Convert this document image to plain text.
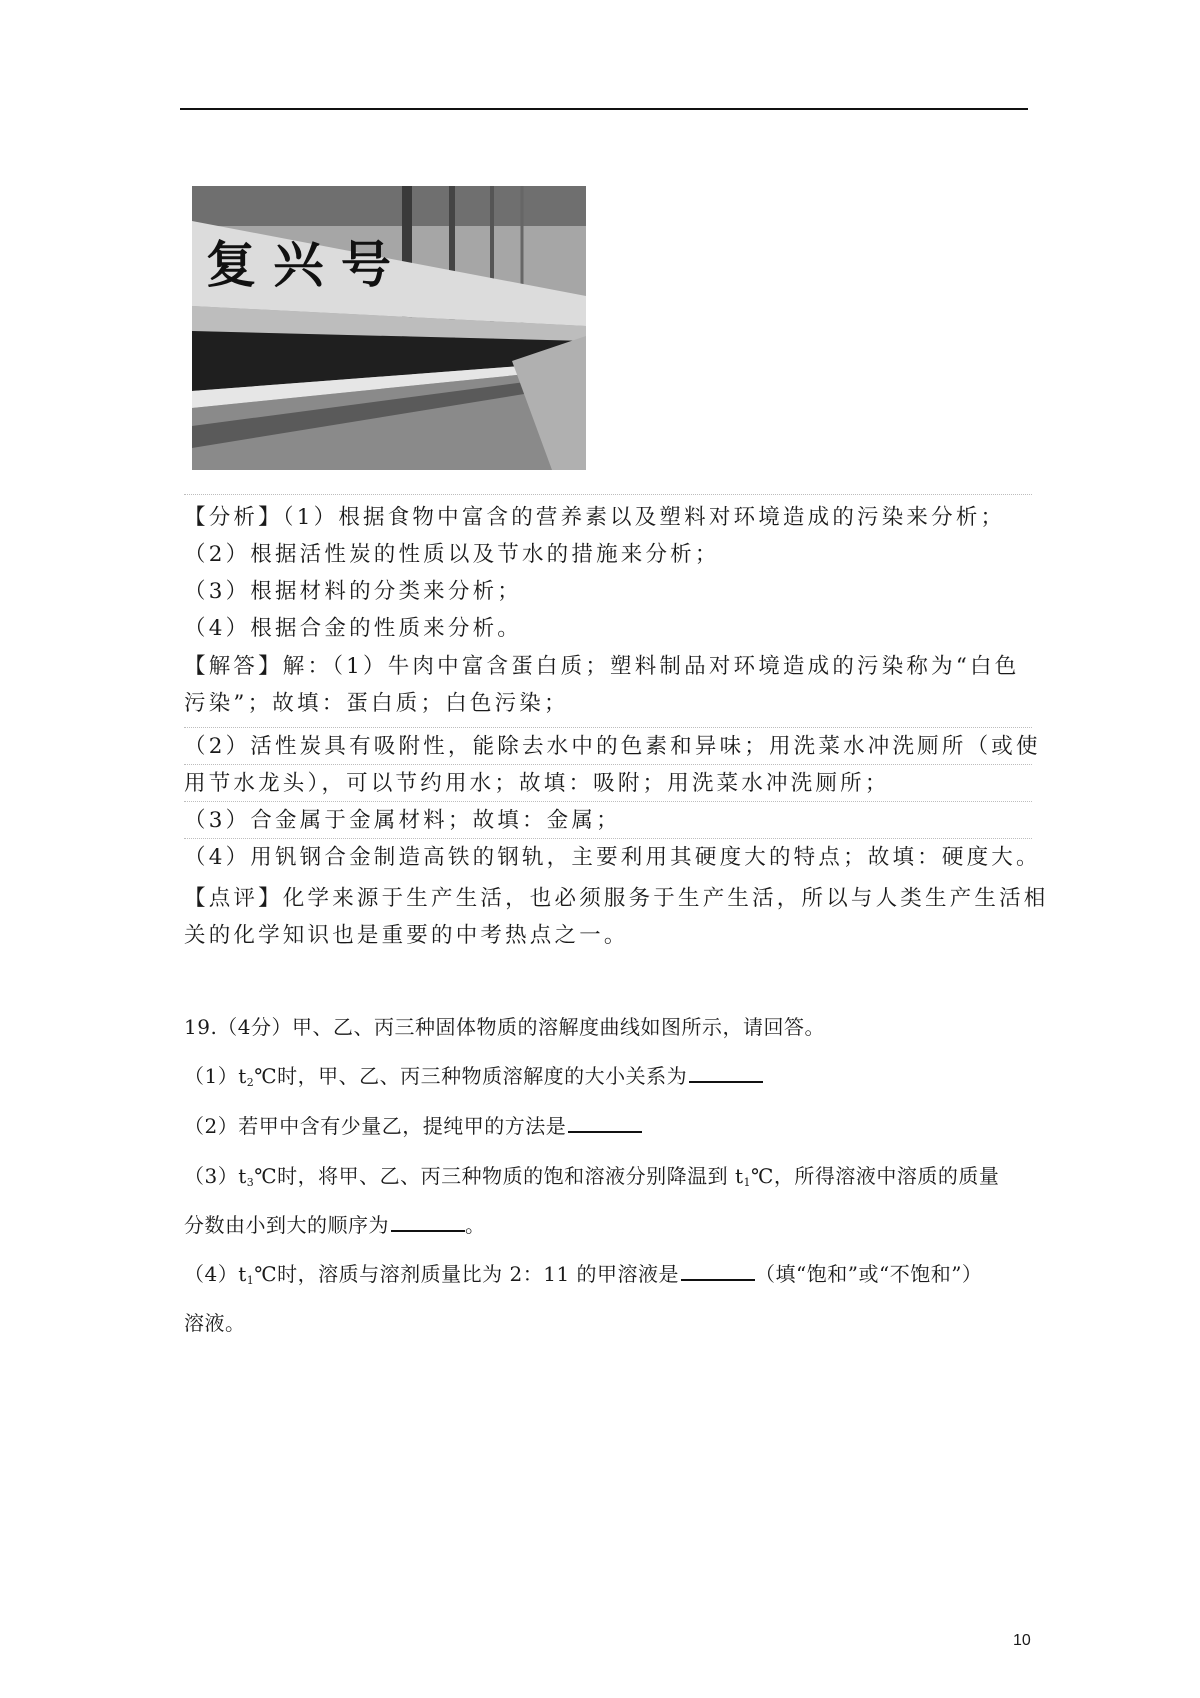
复 兴 号
【分析】（1）根据食物中富含的营养素以及塑料对环境造成的污染来分析；
（2）根据活性炭的性质以及节水的措施来分析；
（3）根据材料的分类来分析；
（4）根据合金的性质来分析。
【解答】解：（1）牛肉中富含蛋白质；塑料制品对环境造成的污染称为“白色
污染”；故填：蛋白质；白色污染；
（2）活性炭具有吸附性，能除去水中的色素和异味；用洗菜水冲洗厕所（或使
用节水龙头），可以节约用水；故填：吸附；用洗菜水冲洗厕所；
（3）合金属于金属材料；故填：金属；
（4）用钒钢合金制造高铁的钢轨，主要利用其硬度大的特点；故填：硬度大。
【点评】化学来源于生产生活，也必须服务于生产生活，所以与人类生产生活相
关的化学知识也是重要的中考热点之一。
19.（4分）甲、乙、丙三种固体物质的溶解度曲线如图所示，请回答。
$(1)t_2℃$时，甲、乙、丙三种物质溶解度的大小关系为
（2）若甲中含有少量乙，提纯甲的方法是
$(3)t_3℃$时，将甲、乙、丙三种物质的饱和溶液分别降温到 $t_1℃$，所得溶液中溶质的质量
分数由小到大的顺序为	。
$(4)t_1℃$时，溶质与溶剂质量比为 2：11 的甲溶液是	（填“饱和”或“不饱和”）
溶液。
10
